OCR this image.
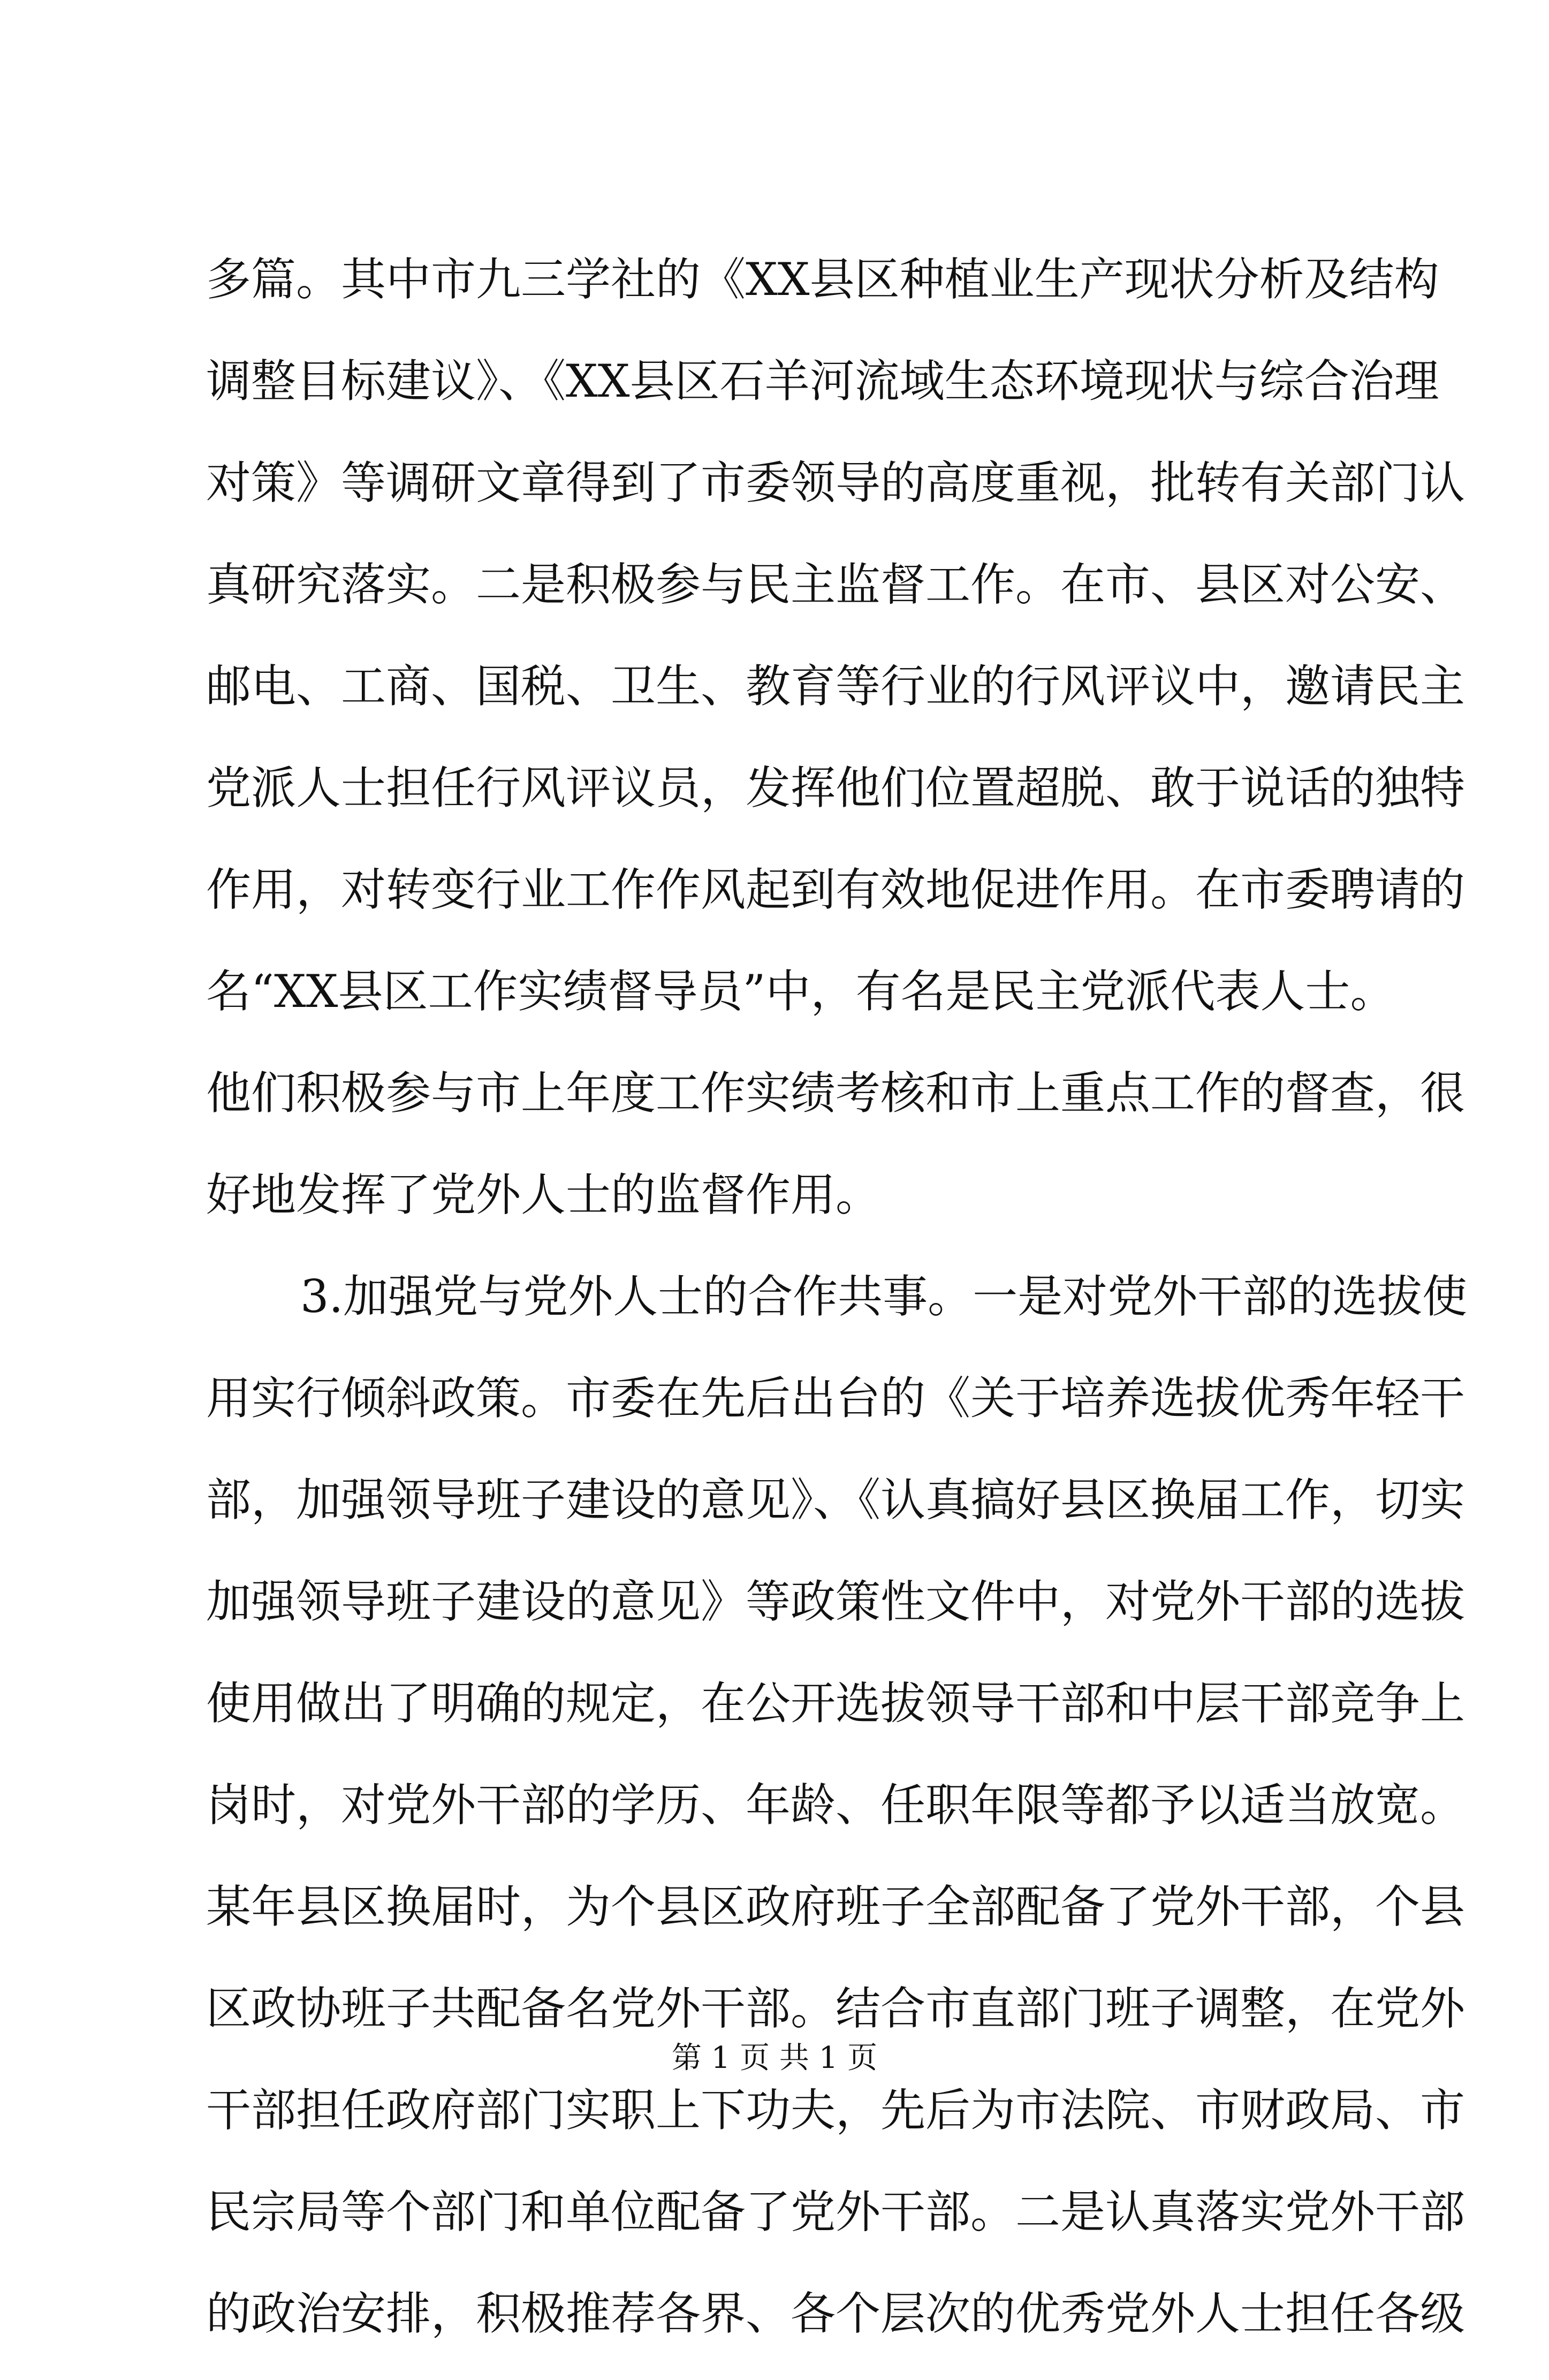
多篇。其中市九三学社的《XX县区种植业生产现状分析及结构
调整目标建议》、《XX县区石羊河流域生态环境现状与综合治理
对策》等调研文章得到了市委领导的高度重视，批转有关部门认
真研究落实。二是积极参与民主监督工作。在市、县区对公安、
邮电、工商、国税、卫生、教育等行业的行风评议中，邀请民主
党派人士担任行风评议员，发挥他们位置超脱、敢于说话的独特
作用，对转变行业工作作风起到有效地促进作用。在市委聘请的
名“XX县区工作实绩督导员”中，有名是民主党派代表人士。
他们积极参与市上年度工作实绩考核和市上重点工作的督查，很
好地发挥了党外人士的监督作用。
3.加强党与党外人士的合作共事。一是对党外干部的选拔使
用实行倾斜政策。市委在先后出台的《关于培养选拔优秀年轻干
部，加强领导班子建设的意见》、《认真搞好县区换届工作，切实
加强领导班子建设的意见》等政策性文件中，对党外干部的选拔
使用做出了明确的规定，在公开选拔领导干部和中层干部竞争上
岗时，对党外干部的学历、年龄、任职年限等都予以适当放宽。
某年县区换届时，为个县区政府班子全部配备了党外干部，个县
区政协班子共配备名党外干部。结合市直部门班子调整，在党外
干部担任政府部门实职上下功夫，先后为市法院、市财政局、市
民宗局等个部门和单位配备了党外干部。二是认真落实党外干部
的政治安排，积极推荐各界、各个层次的优秀党外人士担任各级
第 1 页 共 1 页
